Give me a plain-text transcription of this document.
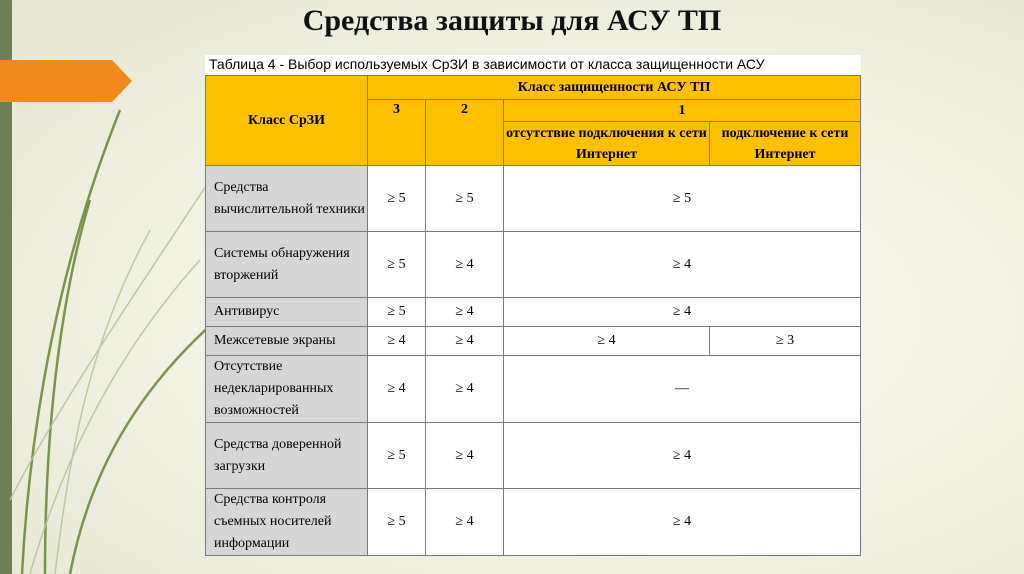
Средства защиты для АСУ ТП
Таблица 4 - Выбор используемых СрЗИ в зависимости от класса защищенности АСУ
Класс СрЗИ	Класс защищенности АСУ ТП			
	3	2	1	
			отсутствие подключения к сети Интернет	подключение к сети Интернет
Средства вычислительной техники	≥ 5	≥ 5	≥ 5	
Системы обнаружения вторжений	≥ 5	≥ 4	≥ 4	
Антивирус	≥ 5	≥ 4	≥ 4	
Межсетевые экраны	≥ 4	≥ 4	≥ 4	≥ 3
Отсутствие недекларированных возможностей	≥ 4	≥ 4	—	
Средства доверенной загрузки	≥ 5	≥ 4	≥ 4	
Средства контроля съемных носителей информации	≥ 5	≥ 4	≥ 4	
